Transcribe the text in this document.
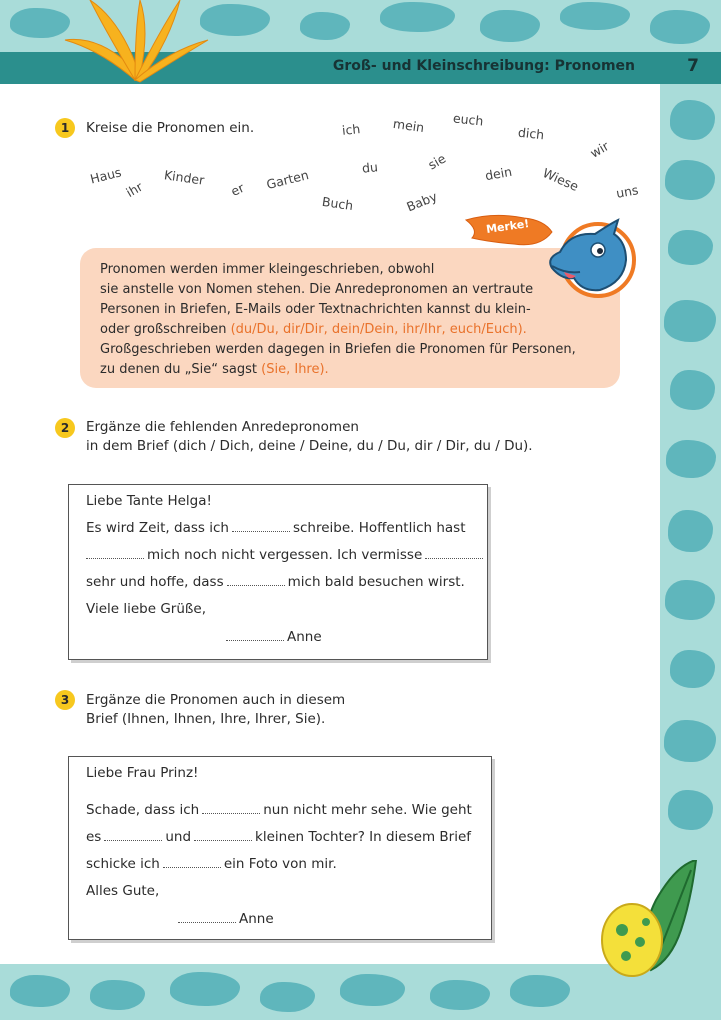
Groß- und Kleinschreibung: Pronomen	7
1	Kreise die Pronomen ein.	ich mein euch
dich
wir
Haus
ihr
Kinder
er Garten	du	sie
dein Wiese	uns
Buch	Baby
Merke!
Pronomen werden immer kleingeschrieben, obwohl
sie anstelle von Nomen stehen. Die Anredepronomen an vertraute
Personen in Briefen, E-Mails oder Textnachrichten kannst du klein-
oder großschreiben (du/Du, dir/Dir, dein/Dein, ihr/Ihr, euch/Euch).
Großgeschrieben werden dagegen in Briefen die Pronomen für Personen,
zu denen du „Sie“ sagst (Sie, Ihre).
2	Ergänze die fehlenden Anredepronomen
in dem Brief (dich / Dich, deine / Deine, du / Du, dir / Dir, du / Du).
Liebe Tante Helga!
Es wird Zeit, dass ich	schreibe. Hoffentlich hast
mich noch nicht vergessen. Ich vermisse
sehr und hoffe, dass	mich bald besuchen wirst.
Viele liebe Grüße,
Anne
3	Ergänze die Pronomen auch in diesem
Brief (Ihnen, Ihnen, Ihre, Ihrer, Sie).
Liebe Frau Prinz!
Schade, dass ich	nun nicht mehr sehe. Wie geht
es	und	kleinen Tochter? In diesem Brief
schicke ich	ein Foto von mir.
Alles Gute,
Anne
